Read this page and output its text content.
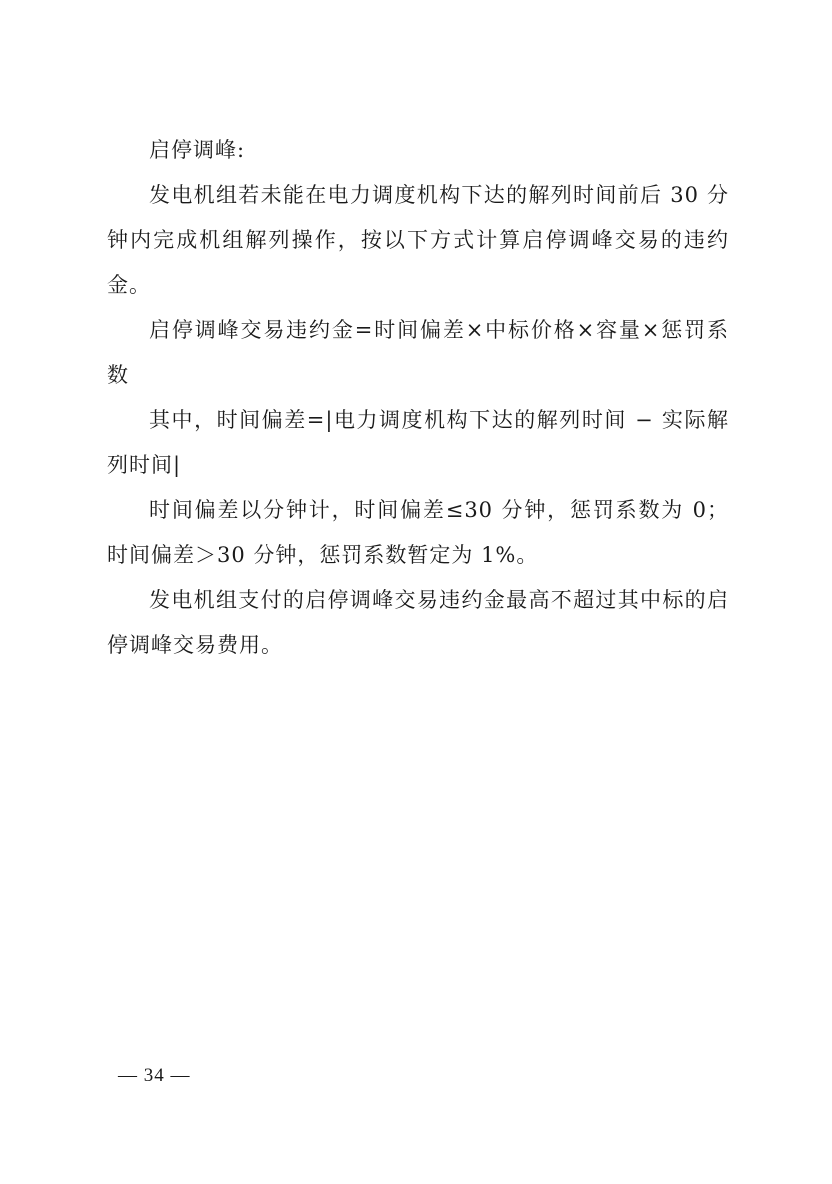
启停调峰:

发电机组若未能在电力调度机构下达的解列时间前后 30 分钟内完成机组解列操作，按以下方式计算启停调峰交易的违约金。

启停调峰交易违约金=时间偏差×中标价格×容量×惩罚系数

其中，时间偏差=|电力调度机构下达的解列时间 − 实际解列时间|

时间偏差以分钟计，时间偏差≤30 分钟，惩罚系数为 0；时间偏差＞30 分钟，惩罚系数暂定为 1%。

发电机组支付的启停调峰交易违约金最高不超过其中标的启停调峰交易费用。

— 34 —
